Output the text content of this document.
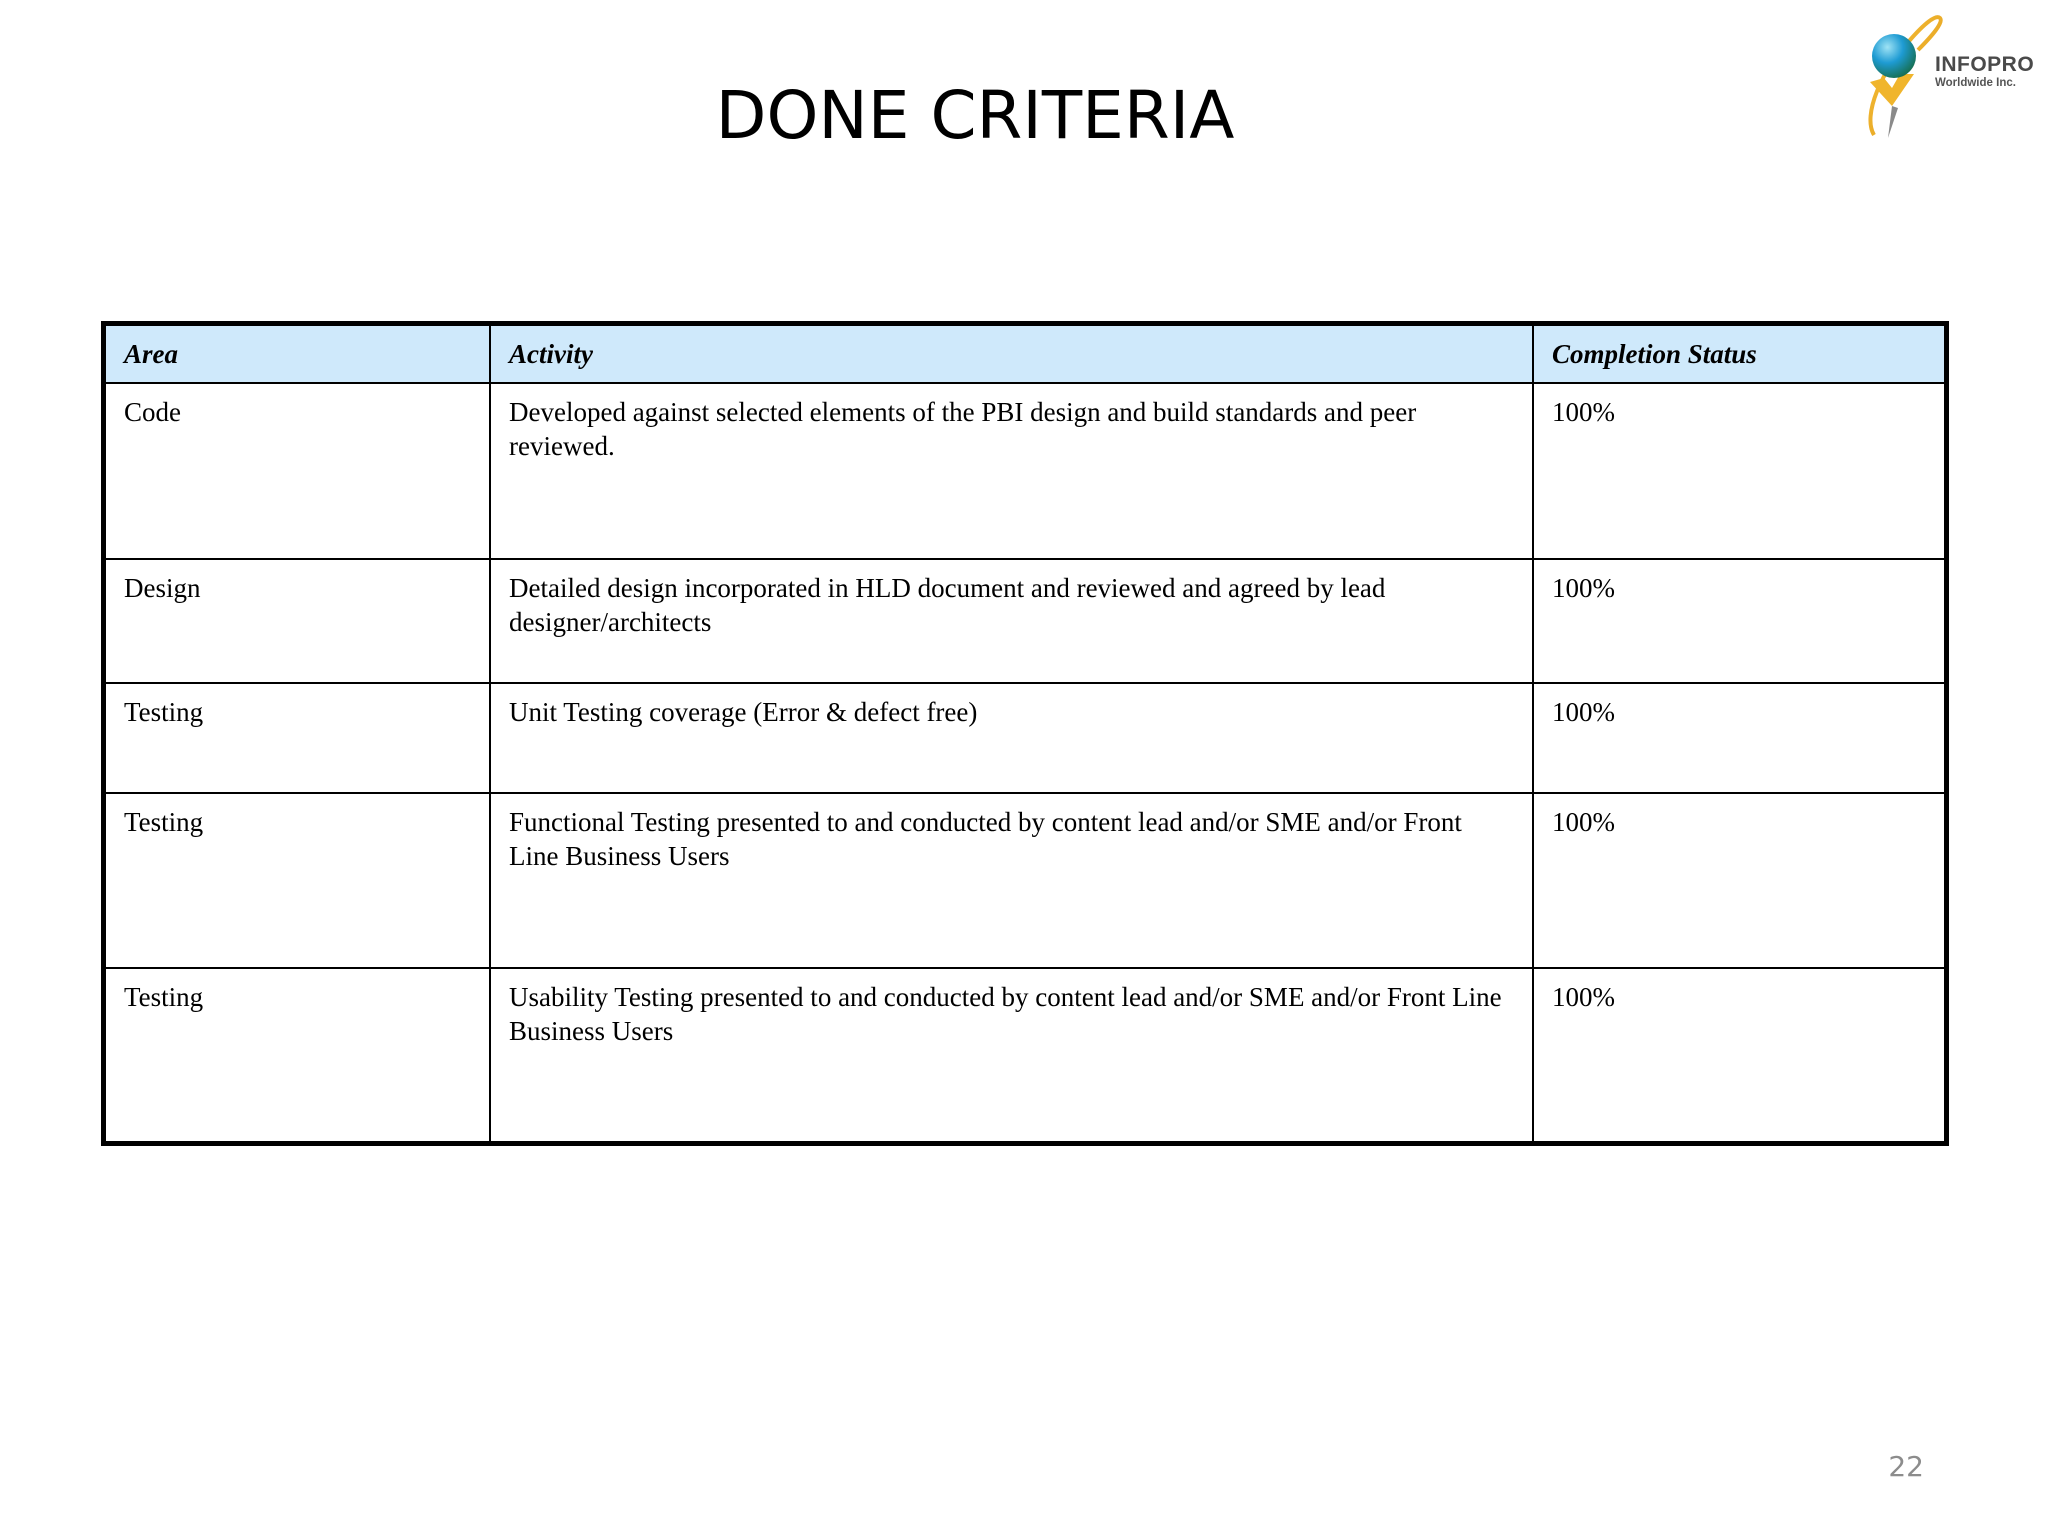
DONE CRITERIA
INFOPRO
Worldwide Inc.
Area	Activity	Completion Status
Code	Developed against selected elements of the PBI design and build standards and peer reviewed.	100%
Design	Detailed design incorporated in HLD document and reviewed and agreed by lead designer/architects	100%
Testing	Unit Testing coverage (Error & defect free)	100%
Testing	Functional Testing presented to and conducted by content lead and/or SME and/or Front Line Business Users	100%
Testing	Usability Testing presented to and conducted by content lead and/or SME and/or Front Line Business Users	100%
22
